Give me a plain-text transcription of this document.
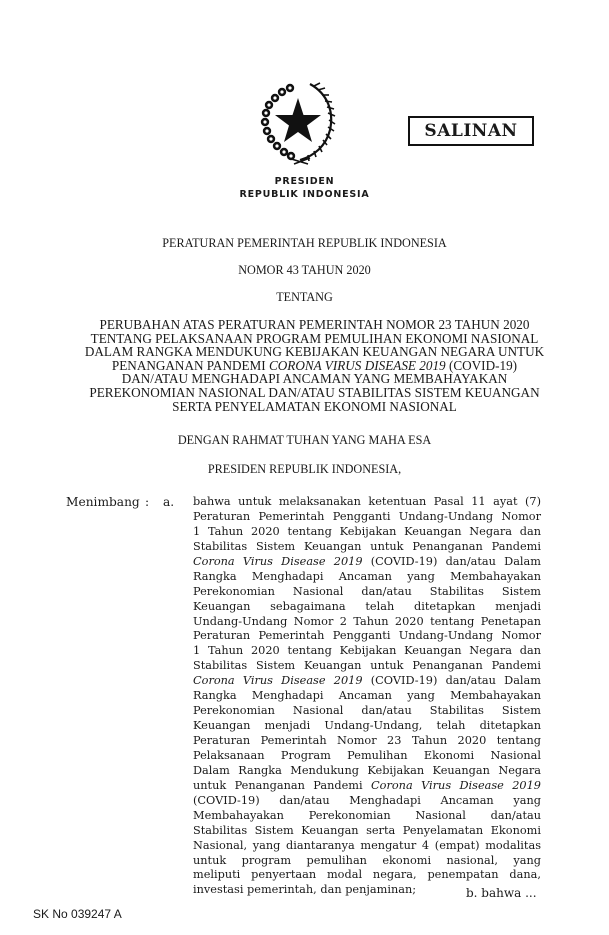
SALINAN
PRESIDEN
REPUBLIK INDONESIA
PERATURAN PEMERINTAH REPUBLIK INDONESIA
NOMOR 43 TAHUN 2020
TENTANG
PERUBAHAN ATAS PERATURAN PEMERINTAH NOMOR 23 TAHUN 2020
TENTANG PELAKSANAAN PROGRAM PEMULIHAN EKONOMI NASIONAL
DALAM RANGKA MENDUKUNG KEBIJAKAN KEUANGAN NEGARA UNTUK
PENANGANAN PANDEMI CORONA VIRUS DISEASE 2019 (COVID-19)
DAN/ATAU MENGHADAPI ANCAMAN YANG MEMBAHAYAKAN
PEREKONOMIAN NASIONAL DAN/ATAU STABILITAS SISTEM KEUANGAN
SERTA PENYELAMATAN EKONOMI NASIONAL
DENGAN RAHMAT TUHAN YANG MAHA ESA
PRESIDEN REPUBLIK INDONESIA,
Menimbang : a. bahwa untuk melaksanakan ketentuan Pasal 11 ayat (7)
Peraturan Pemerintah Pengganti Undang-Undang Nomor
1 Tahun 2020 tentang Kebijakan Keuangan Negara dan
Stabilitas Sistem Keuangan untuk Penanganan Pandemi
Corona Virus Disease 2019 (COVID-19) dan/atau Dalam
Rangka Menghadapi Ancaman yang Membahayakan
Perekonomian Nasional dan/atau Stabilitas Sistem
Keuangan sebagaimana telah ditetapkan menjadi
Undang-Undang Nomor 2 Tahun 2020 tentang Penetapan
Peraturan Pemerintah Pengganti Undang-Undang Nomor
1 Tahun 2020 tentang Kebijakan Keuangan Negara dan
Stabilitas Sistem Keuangan untuk Penanganan Pandemi
Corona Virus Disease 2019 (COVID-19) dan/atau Dalam
Rangka Menghadapi Ancaman yang Membahayakan
Perekonomian Nasional dan/atau Stabilitas Sistem
Keuangan menjadi Undang-Undang, telah ditetapkan
Peraturan Pemerintah Nomor 23 Tahun 2020 tentang
Pelaksanaan Program Pemulihan Ekonomi Nasional
Dalam Rangka Mendukung Kebijakan Keuangan Negara
untuk Penanganan Pandemi Corona Virus Disease 2019
(COVID-19) dan/atau Menghadapi Ancaman yang
Membahayakan Perekonomian Nasional dan/atau
Stabilitas Sistem Keuangan serta Penyelamatan Ekonomi
Nasional, yang diantaranya mengatur 4 (empat) modalitas
untuk program pemulihan ekonomi nasional, yang
meliputi penyertaan modal negara, penempatan dana,
investasi pemerintah, dan penjaminan;	b. bahwa ...
SK No 039247 A
